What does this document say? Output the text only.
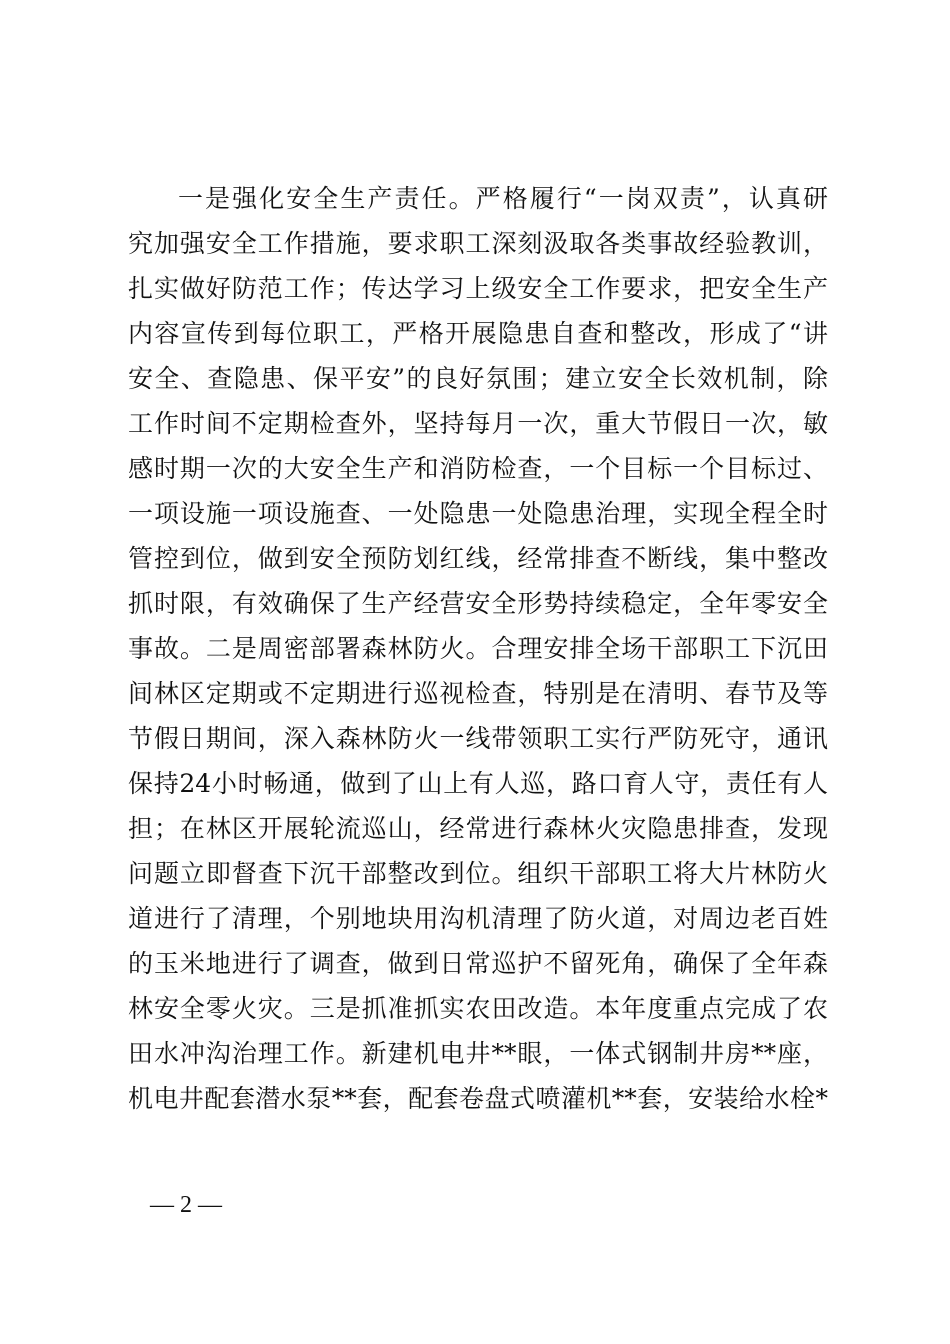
一是强化安全生产责任。严格履行“一岗双责”，认真研
究加强安全工作措施，要求职工深刻汲取各类事故经验教训，
扎实做好防范工作；传达学习上级安全工作要求，把安全生产
内容宣传到每位职工，严格开展隐患自查和整改，形成了“讲
安全、查隐患、保平安”的良好氛围；建立安全长效机制，除
工作时间不定期检查外，坚持每月一次，重大节假日一次，敏
感时期一次的大安全生产和消防检查，一个目标一个目标过、
一项设施一项设施查、一处隐患一处隐患治理，实现全程全时
管控到位，做到安全预防划红线，经常排查不断线，集中整改
抓时限，有效确保了生产经营安全形势持续稳定，全年零安全
事故。二是周密部署森林防火。合理安排全场干部职工下沉田
间林区定期或不定期进行巡视检查，特别是在清明、春节及等
节假日期间，深入森林防火一线带领职工实行严防死守，通讯
保持24小时畅通，做到了山上有人巡，路口育人守，责任有人
担；在林区开展轮流巡山，经常进行森林火灾隐患排查，发现
问题立即督查下沉干部整改到位。组织干部职工将大片林防火
道进行了清理，个别地块用沟机清理了防火道，对周边老百姓
的玉米地进行了调查，做到日常巡护不留死角，确保了全年森
林安全零火灾。三是抓准抓实农田改造。本年度重点完成了农
田水冲沟治理工作。新建机电井**眼，一体式钢制井房**座，
机电井配套潜水泵**套，配套卷盘式喷灌机**套，安装给水栓*
— 2 —
